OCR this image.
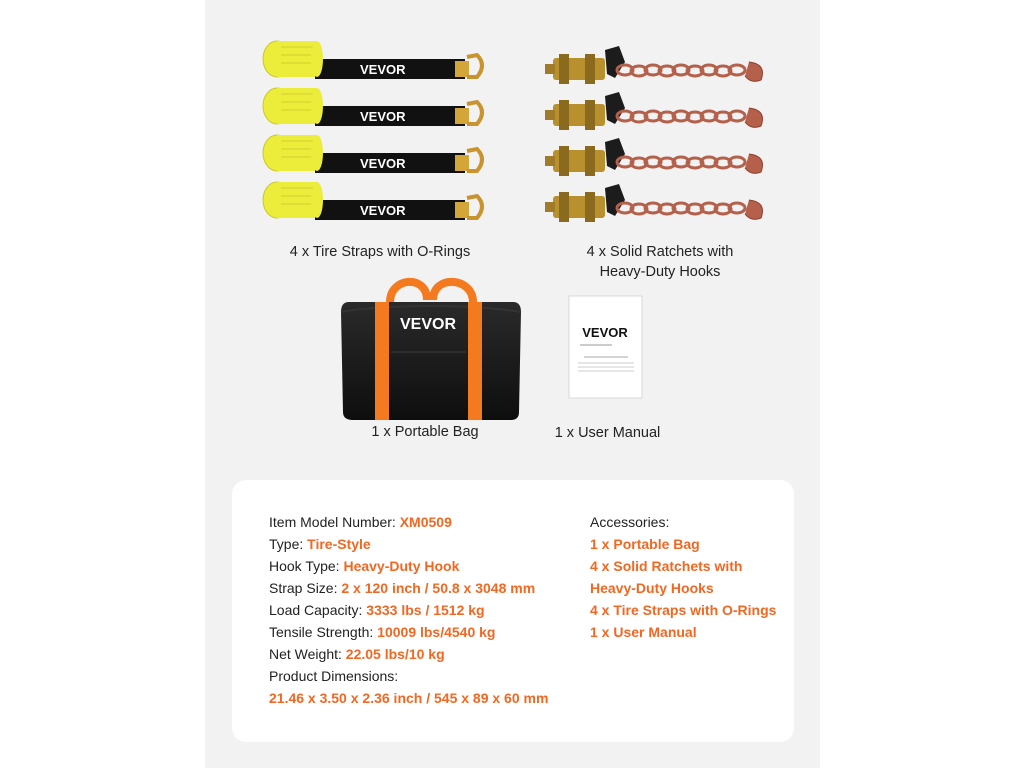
VEVOR
VEVOR
VEVOR
VEVOR
4 x Tire Straps with O-Rings	4 x Solid Ratchets with
Heavy-Duty Hooks
VEVOR
1 x Portable Bag
VEVOR
1 x User Manual
Item Model Number: XM0509
Type: Tire-Style
Hook Type: Heavy-Duty Hook
Strap Size: 2 x 120 inch / 50.8 x 3048 mm
Load Capacity: 3333 lbs / 1512 kg
Tensile Strength: 10009 lbs/4540 kg
Net Weight: 22.05 lbs/10 kg
Product Dimensions:
21.46 x 3.50 x 2.36 inch / 545 x 89 x 60 mm
Accessories:
1 x Portable Bag
4 x Solid Ratchets with
Heavy-Duty Hooks
4 x Tire Straps with O-Rings
1 x User Manual
